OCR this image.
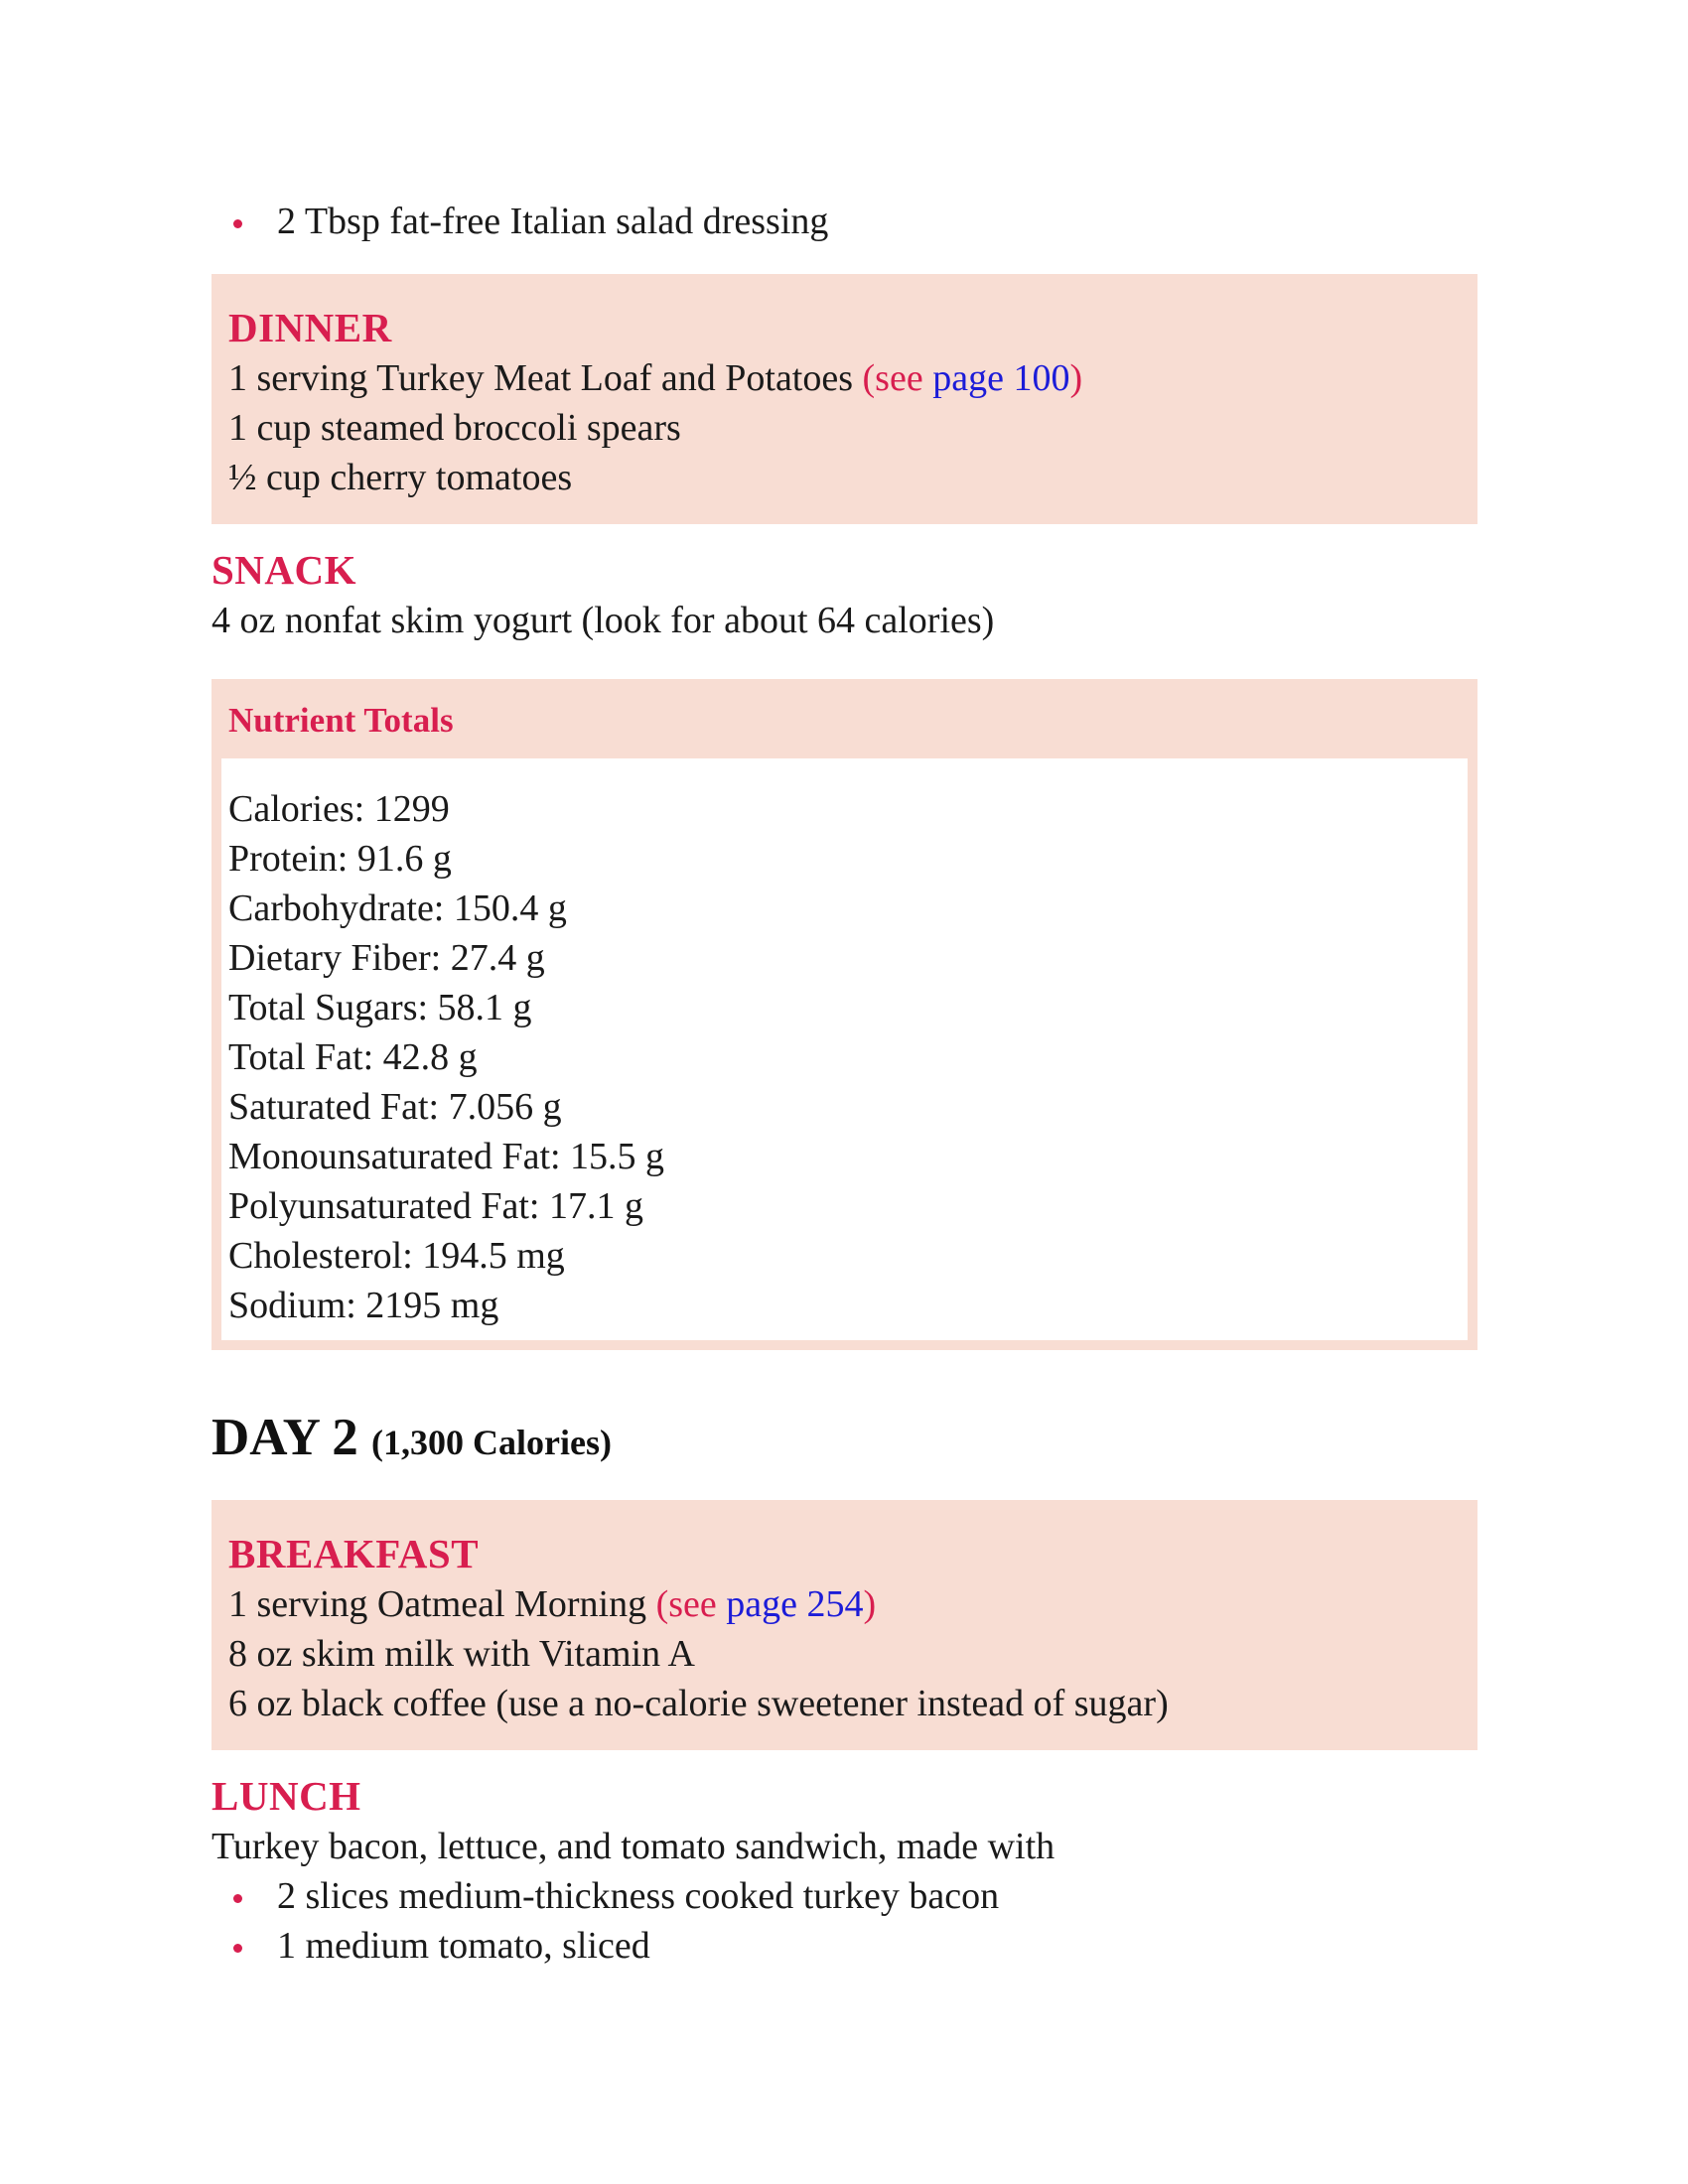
2 Tbsp fat-free Italian salad dressing
DINNER
1 serving Turkey Meat Loaf and Potatoes (see page 100)
1 cup steamed broccoli spears
½ cup cherry tomatoes
SNACK
4 oz nonfat skim yogurt (look for about 64 calories)
Nutrient Totals
Calories: 1299
Protein: 91.6 g
Carbohydrate: 150.4 g
Dietary Fiber: 27.4 g
Total Sugars: 58.1 g
Total Fat: 42.8 g
Saturated Fat: 7.056 g
Monounsaturated Fat: 15.5 g
Polyunsaturated Fat: 17.1 g
Cholesterol: 194.5 mg
Sodium: 2195 mg
DAY 2 (1,300 Calories)
BREAKFAST
1 serving Oatmeal Morning (see page 254)
8 oz skim milk with Vitamin A
6 oz black coffee (use a no-calorie sweetener instead of sugar)
LUNCH
Turkey bacon, lettuce, and tomato sandwich, made with
2 slices medium-thickness cooked turkey bacon
1 medium tomato, sliced
